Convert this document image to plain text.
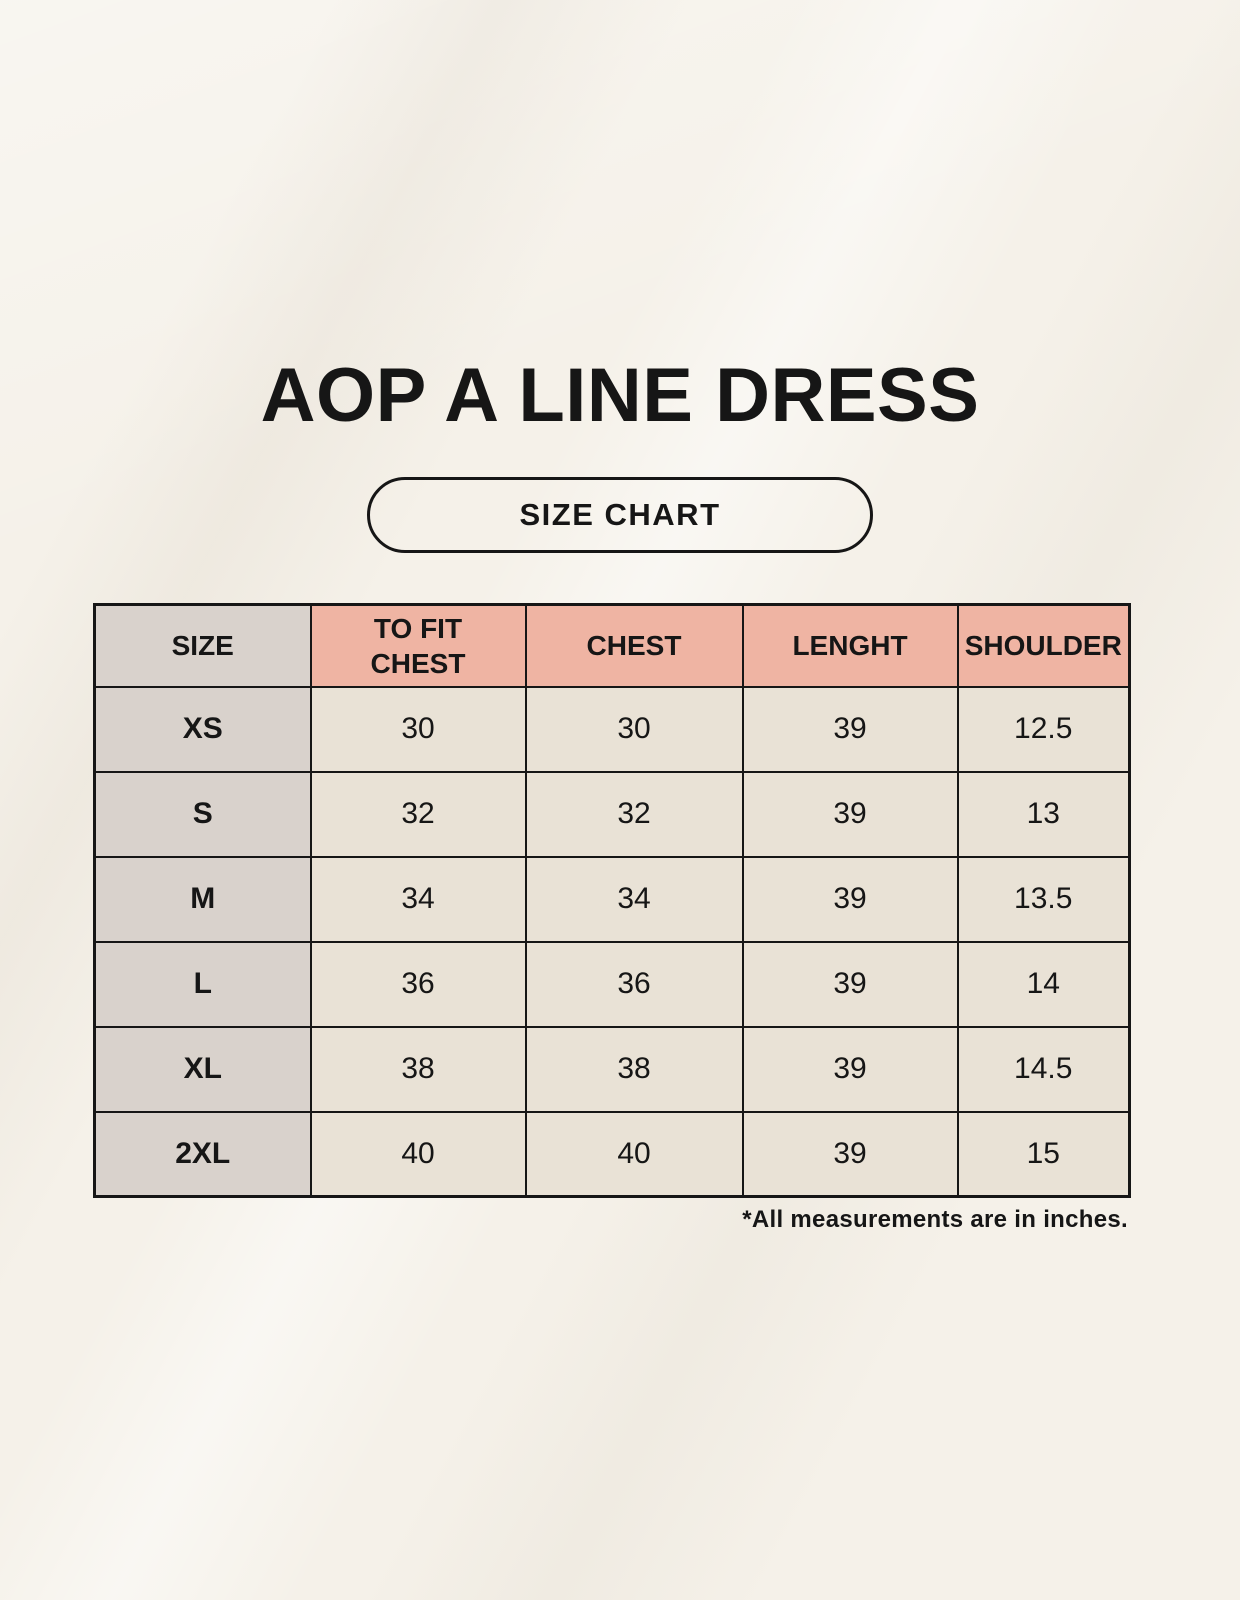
AOP A LINE DRESS
SIZE CHART
SIZE	TO FIT CHEST	CHEST	LENGHT	SHOULDER
XS	30	30	39	12.5
S	32	32	39	13
M	34	34	39	13.5
L	36	36	39	14
XL	38	38	39	14.5
2XL	40	40	39	15
*All measurements are in inches.
